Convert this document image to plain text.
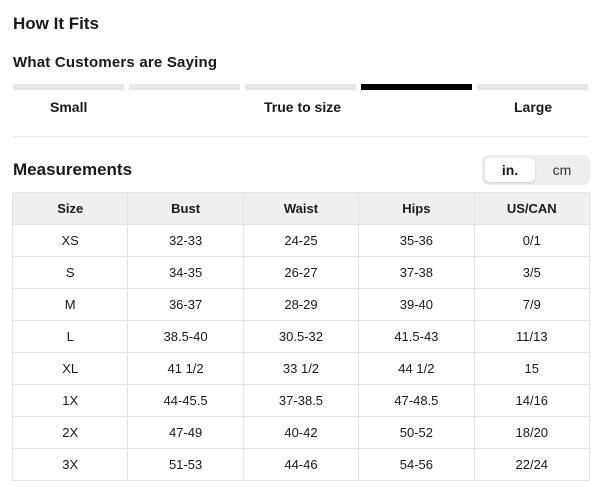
How It Fits
What Customers are Saying
Small	True to size	Large
Measurements	in.	cm
Size	Bust	Waist	Hips	US/CAN
XS	32-33	24-25	35-36	0/1
S	34-35	26-27	37-38	3/5
M	36-37	28-29	39-40	7/9
L	38.5-40	30.5-32	41.5-43	11/13
XL	41 1/2	33 1/2	44 1/2	15
1X	44-45.5	37-38.5	47-48.5	14/16
2X	47-49	40-42	50-52	18/20
3X	51-53	44-46	54-56	22/24
